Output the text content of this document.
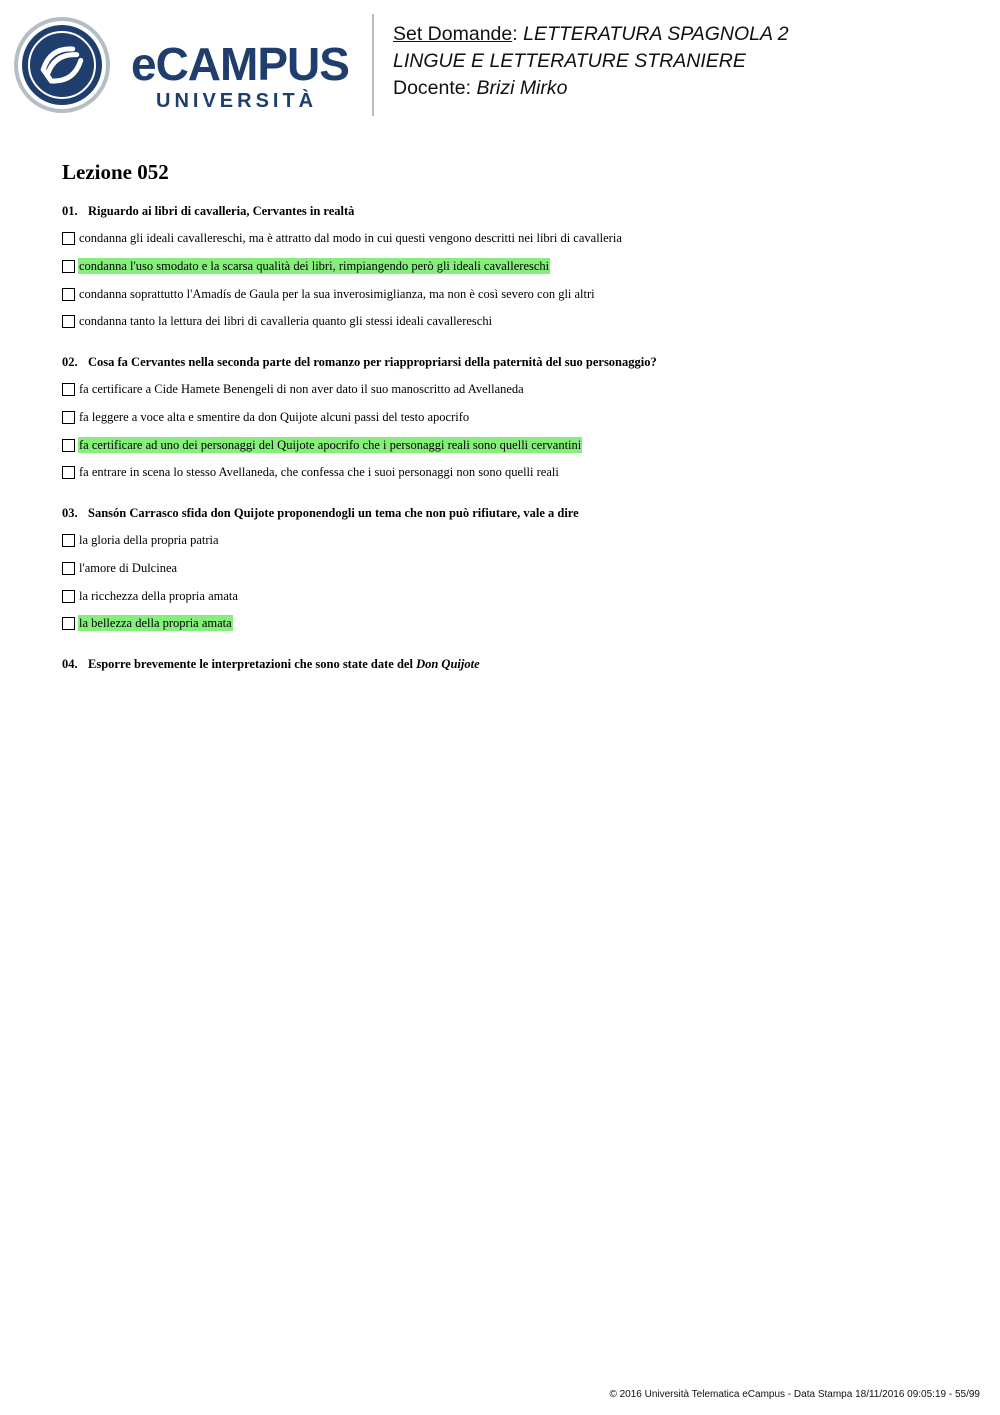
eCAMPUS
UNIVERSITÀ
Set Domande: LETTERATURA SPAGNOLA 2
LINGUE E LETTERATURE STRANIERE
Docente: Brizi Mirko
Lezione 052
01. Riguardo ai libri di cavalleria, Cervantes in realtà
condanna gli ideali cavallereschi, ma è attratto dal modo in cui questi vengono descritti nei libri di cavalleria
condanna l'uso smodato e la scarsa qualità dei libri, rimpiangendo però gli ideali cavallereschi
condanna soprattutto l'Amadís de Gaula per la sua inverosimiglianza, ma non è così severo con gli altri
condanna tanto la lettura dei libri di cavalleria quanto gli stessi ideali cavallereschi
02. Cosa fa Cervantes nella seconda parte del romanzo per riappropriarsi della paternità del suo personaggio?
fa certificare a Cide Hamete Benengeli di non aver dato il suo manoscritto ad Avellaneda
fa leggere a voce alta e smentire da don Quijote alcuni passi del testo apocrifo
fa certificare ad uno dei personaggi del Quijote apocrifo che i personaggi reali sono quelli cervantini
fa entrare in scena lo stesso Avellaneda, che confessa che i suoi personaggi non sono quelli reali
03. Sansón Carrasco sfida don Quijote proponendogli un tema che non può rifiutare, vale a dire
la gloria della propria patria
l'amore di Dulcinea
la ricchezza della propria amata
la bellezza della propria amata
04. Esporre brevemente le interpretazioni che sono state date del Don Quijote
© 2016 Università Telematica eCampus - Data Stampa 18/11/2016 09:05:19 - 55/99
